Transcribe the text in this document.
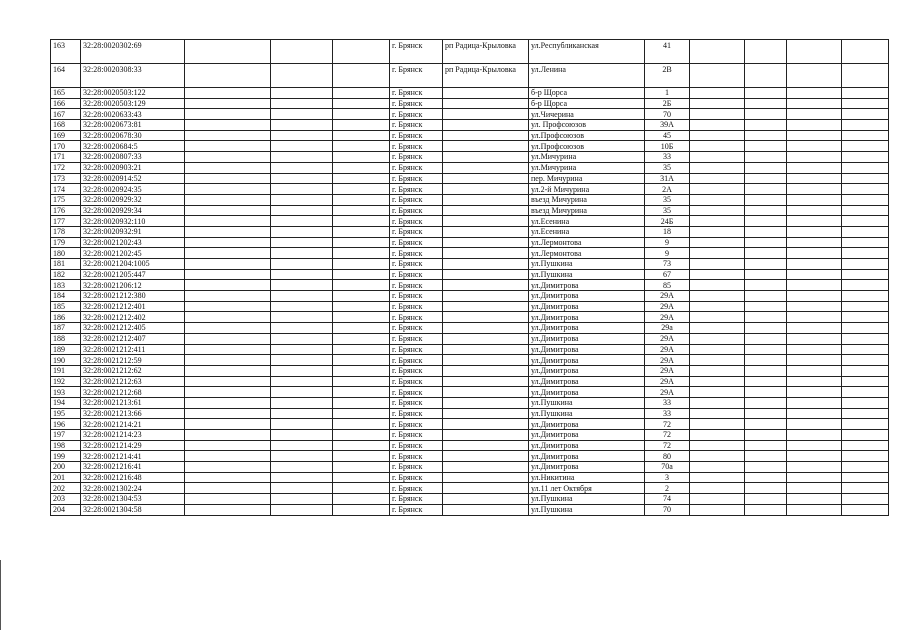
163	32:28:0020302:69				г. Брянск	рп Радица-Крыловка	ул.Республиканская	41				
164	32:28:0020308:33				г. Брянск	рп Радица-Крыловка	ул.Ленина	2В				
165	32:28:0020503:122				г. Брянск		б-р Щорса	1				
166	32:28:0020503:129				г. Брянск		б-р Щорса	2Б				
167	32:28:0020633:43				г. Брянск		ул.Чичерина	70				
168	32:28:0020673:81				г. Брянск		ул. Профсоюзов	39А				
169	32:28:0020678:30				г. Брянск		ул.Профсоюзов	45				
170	32:28:0020684:5				г. Брянск		ул.Профсоюзов	10Б				
171	32:28:0020807:33				г. Брянск		ул.Мичурина	33				
172	32:28:0020903:21				г. Брянск		ул.Мичурина	35				
173	32:28:0020914:52				г. Брянск		пер. Мичурина	31А				
174	32:28:0020924:35				г. Брянск		ул.2-й Мичурина	2А				
175	32:28:0020929:32				г. Брянск		въезд Мичурина	35				
176	32:28:0020929:34				г. Брянск		въезд Мичурина	35				
177	32:28:0020932:110				г. Брянск		ул.Есенина	24Б				
178	32:28:0020932:91				г. Брянск		ул.Есенина	18				
179	32:28:0021202:43				г. Брянск		ул.Лермонтова	9				
180	32:28:0021202:45				г. Брянск		ул.Лермонтова	9				
181	32:28:0021204:1005				г. Брянск		ул.Пушкина	73				
182	32:28:0021205:447				г. Брянск		ул.Пушкина	67				
183	32:28:0021206:12				г. Брянск		ул.Димитрова	85				
184	32:28:0021212:380				г. Брянск		ул.Димитрова	29А				
185	32:28:0021212:401				г. Брянск		ул.Димитрова	29А				
186	32:28:0021212:402				г. Брянск		ул.Димитрова	29А				
187	32:28:0021212:405				г. Брянск		ул.Димитрова	29а				
188	32:28:0021212:407				г. Брянск		ул.Димитрова	29А				
189	32:28:0021212:411				г. Брянск		ул.Димитрова	29А				
190	32:28:0021212:59				г. Брянск		ул.Димитрова	29А				
191	32:28:0021212:62				г. Брянск		ул.Димитрова	29А				
192	32:28:0021212:63				г. Брянск		ул.Димитрова	29А				
193	32:28:0021212:68				г. Брянск		ул.Димитрова	29А				
194	32:28:0021213:61				г. Брянск		ул.Пушкина	33				
195	32:28:0021213:66				г. Брянск		ул.Пушкина	33				
196	32:28:0021214:21				г. Брянск		ул.Димитрова	72				
197	32:28:0021214:23				г. Брянск		ул.Димитрова	72				
198	32:28:0021214:29				г. Брянск		ул.Димитрова	72				
199	32:28:0021214:41				г. Брянск		ул.Димитрова	80				
200	32:28:0021216:41				г. Брянск		ул.Димитрова	70а				
201	32:28:0021216:48				г. Брянск		ул.Никитина	3				
202	32:28:0021302:24				г. Брянск		ул.11 лет Октября	2				
203	32:28:0021304:53				г. Брянск		ул.Пушкина	74				
204	32:28:0021304:58				г. Брянск		ул.Пушкина	70				
